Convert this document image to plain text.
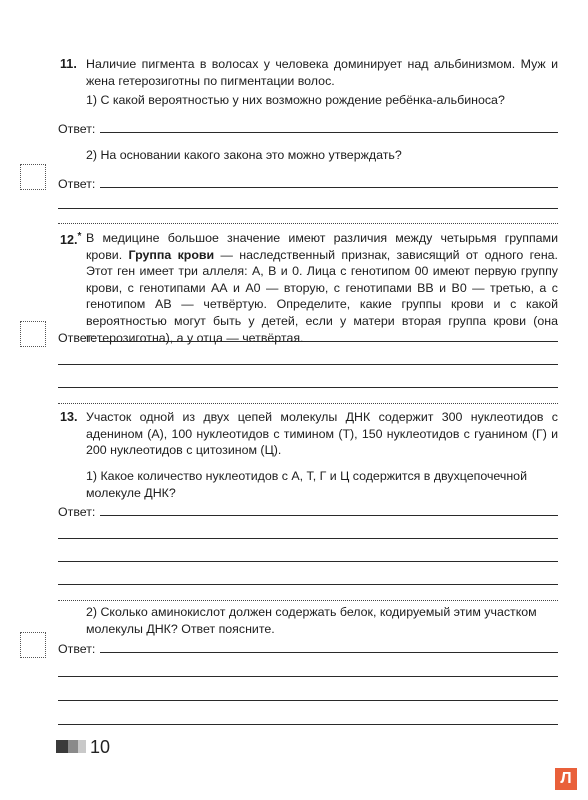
11. Наличие пигмента в волосах у человека доминирует над альбинизмом. Муж и жена гетерозиготны по пигментации волос.
1) С какой вероятностью у них возможно рождение ребёнка-альбиноса?
Ответ:
2) На основании какого закона это можно утверждать?
Ответ:
12.* В медицине большое значение имеют различия между четырьмя группами крови. Группа крови — наследственный признак, зависящий от одного гена. Этот ген имеет три аллеля: А, В и 0. Лица с генотипом 00 имеют первую группу крови, с генотипами АА и А0 — вторую, с генотипами ВВ и В0 — третью, а с генотипом АВ — четвёртую. Определите, какие группы крови и с какой вероятностью могут быть у детей, если у матери вторая группа крови (она гетерозиготна), а у отца — четвёртая.
Ответ:
13. Участок одной из двух цепей молекулы ДНК содержит 300 нуклеотидов с аденином (А), 100 нуклеотидов с тимином (Т), 150 нуклеотидов с гуанином (Г) и 200 нуклеотидов с цитозином (Ц).
1) Какое количество нуклеотидов с А, Т, Г и Ц содержится в двухцепочечной молекуле ДНК?
Ответ:
2) Сколько аминокислот должен содержать белок, кодируемый этим участком молекулы ДНК? Ответ поясните.
Ответ:
10
Л
